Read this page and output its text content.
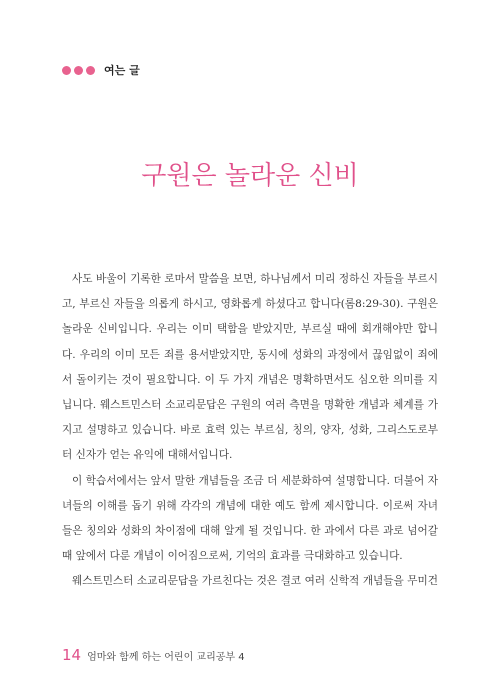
여는 글
구원은 놀라운 신비
사도 바울이 기록한 로마서 말씀을 보면, 하나님께서 미리 정하신 자들을 부르시
고, 부르신 자들을 의롭게 하시고, 영화롭게 하셨다고 합니다(롬8:29-30). 구원은
놀라운 신비입니다. 우리는 이미 택함을 받았지만, 부르실 때에 회개해야만 합니
다. 우리의 이미 모든 죄를 용서받았지만, 동시에 성화의 과정에서 끊임없이 죄에
서 돌이키는 것이 필요합니다. 이 두 가지 개념은 명확하면서도 심오한 의미를 지
닙니다. 웨스트민스터 소교리문답은 구원의 여러 측면을 명확한 개념과 체계를 가
지고 설명하고 있습니다. 바로 효력 있는 부르심, 칭의, 양자, 성화, 그리스도로부
터 신자가 얻는 유익에 대해서입니다.
이 학습서에서는 앞서 말한 개념들을 조금 더 세분화하여 설명합니다. 더불어 자
녀들의 이해를 돕기 위해 각각의 개념에 대한 예도 함께 제시합니다. 이로써 자녀
들은 칭의와 성화의 차이점에 대해 알게 될 것입니다. 한 과에서 다른 과로 넘어갈
때 앞에서 다룬 개념이 이어짐으로써, 기억의 효과를 극대화하고 있습니다.
웨스트민스터 소교리문답을 가르친다는 것은 결코 여러 신학적 개념들을 무미건
14 엄마와 함께 하는 어린이 교리공부 4
